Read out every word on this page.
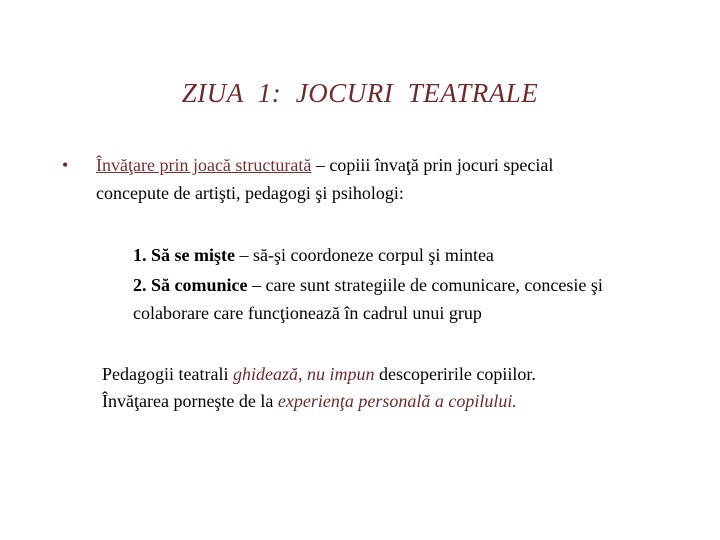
ZIUA  1:  JOCURI  TEATRALE
• Învăţare prin joacă structurată – copiii învaţă prin jocuri special
concepute de artişti, pedagogi şi psihologi:
1. Să se mişte – să-şi coordoneze corpul şi mintea
2. Să comunice – care sunt strategiile de comunicare, concesie şi
colaborare care funcţionează în cadrul unui grup
Pedagogii teatrali ghidează, nu impun descoperirile copiilor.
Învăţarea porneşte de la experienţa personală a copilului.
